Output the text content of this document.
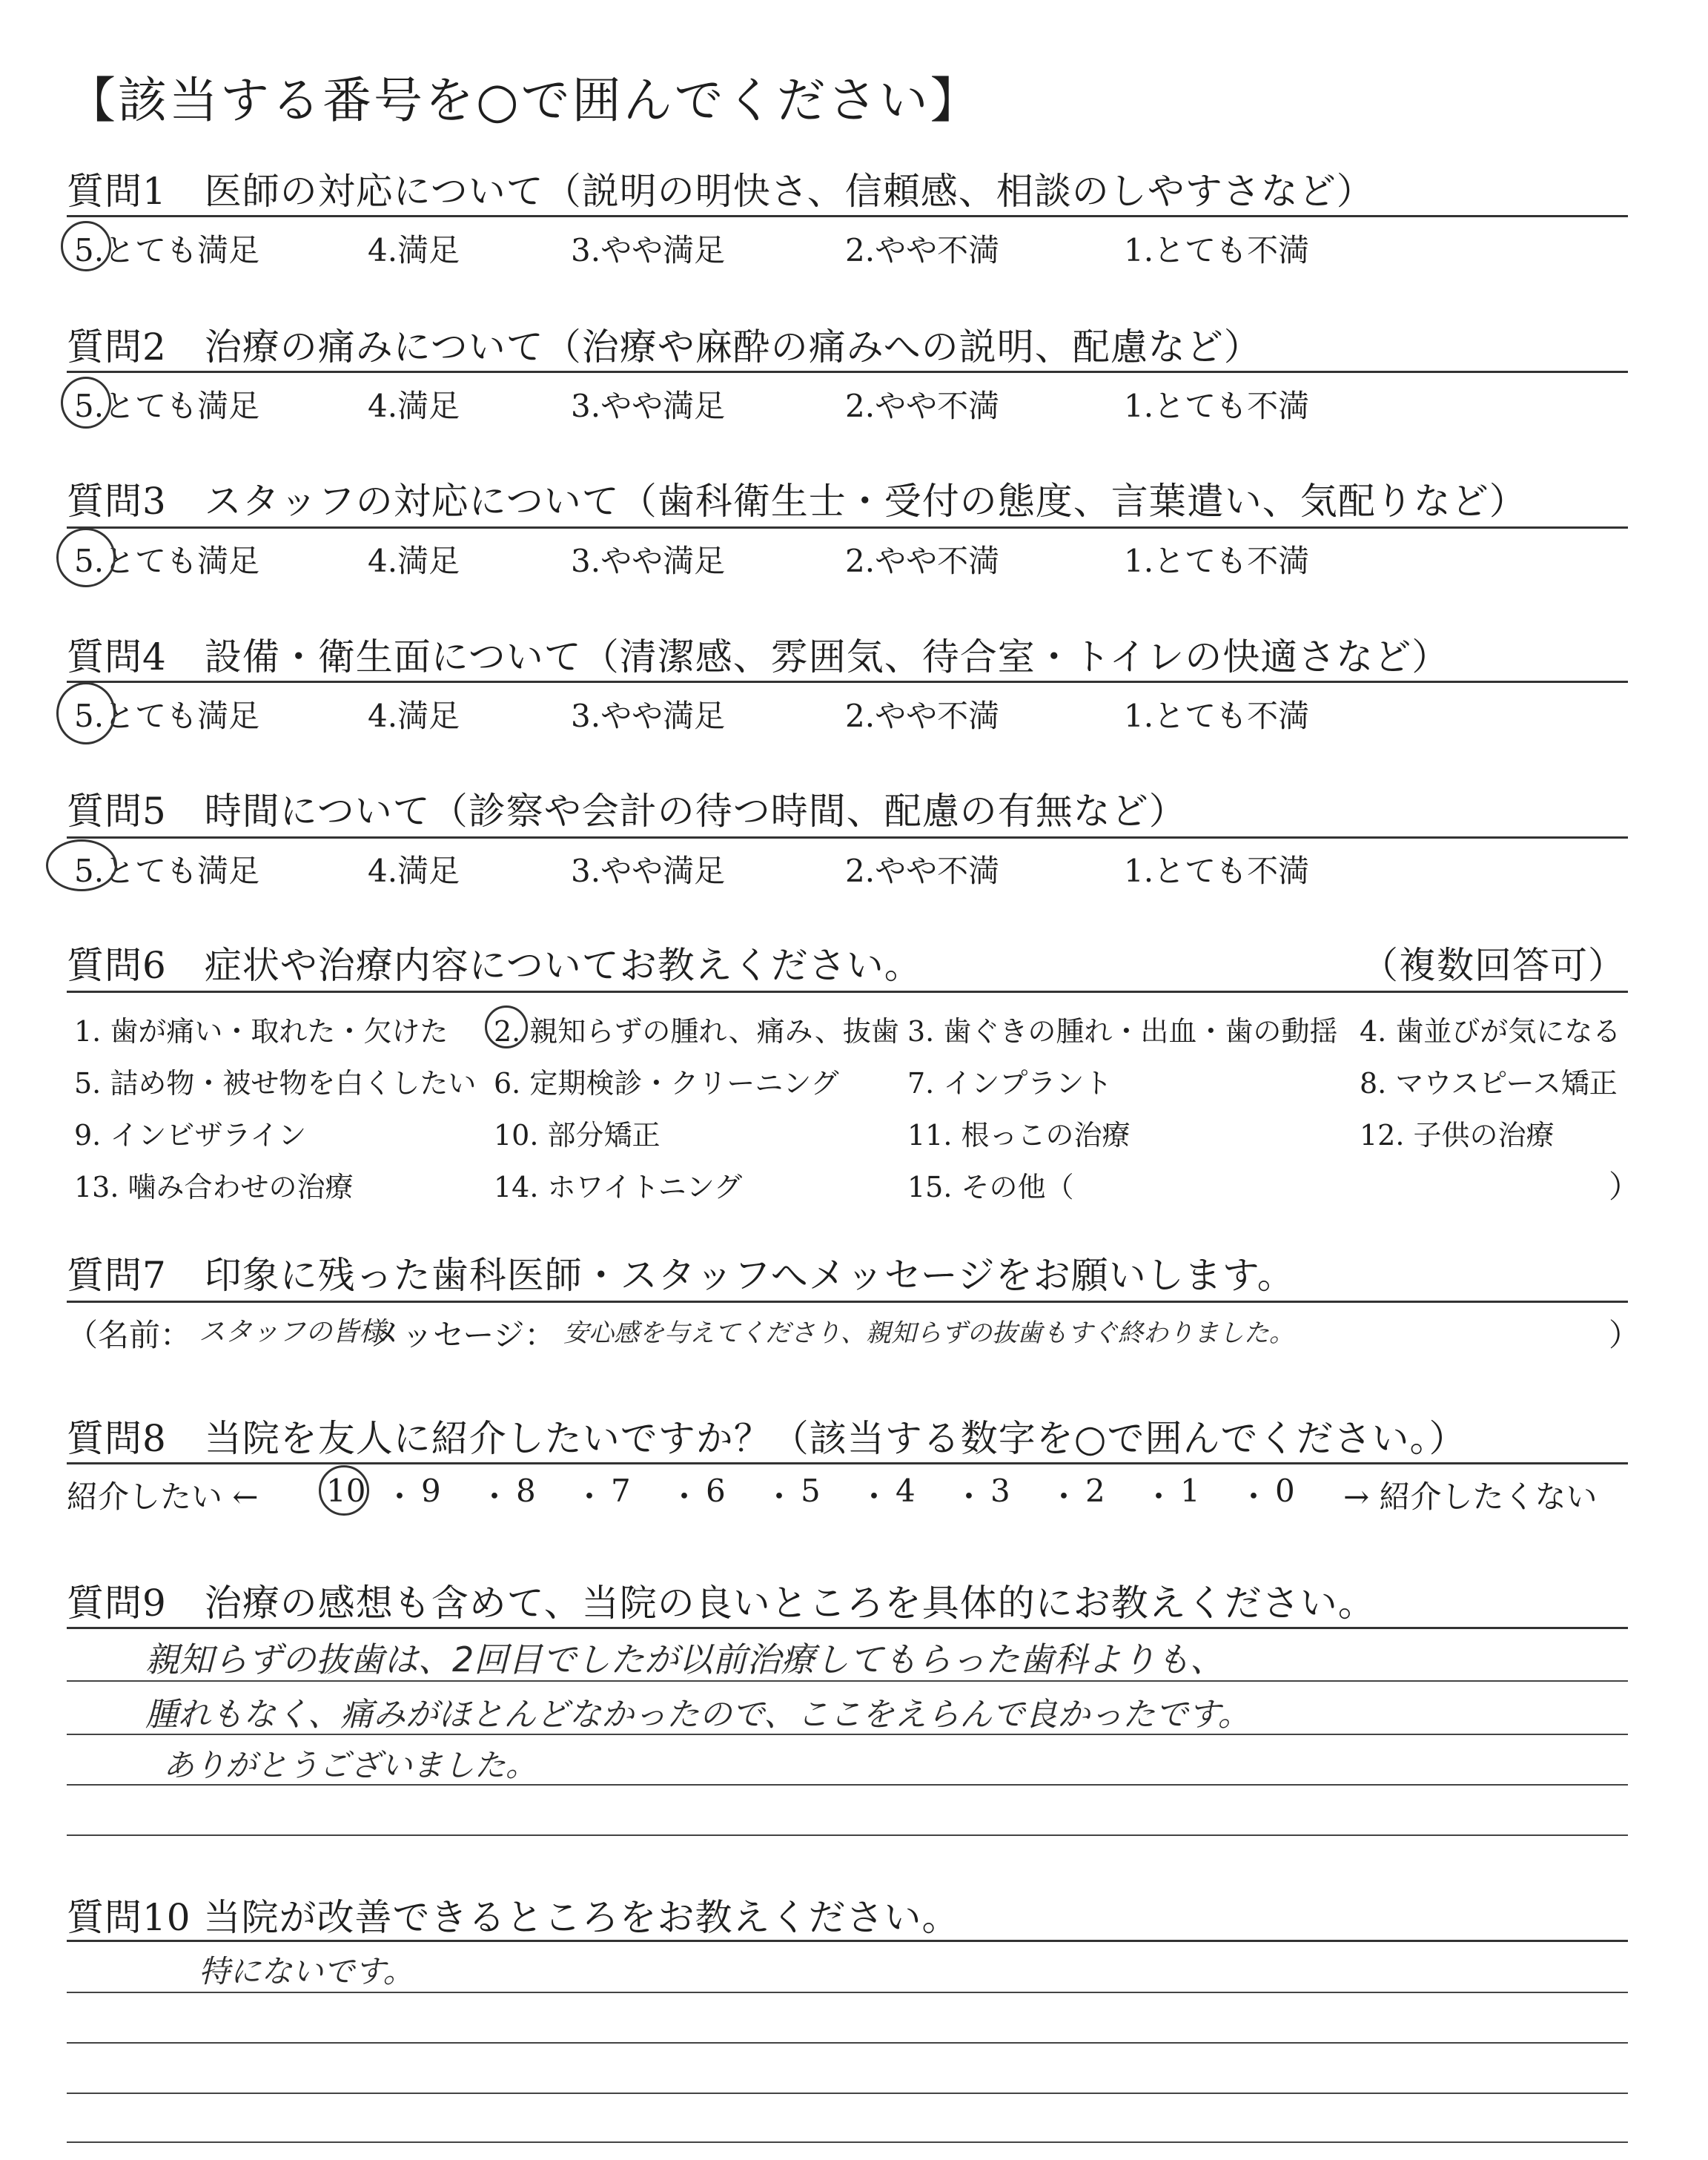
【該当する番号を○で囲んでください】
質問1　医師の対応について（説明の明快さ、信頼感、相談のしやすさなど）
5.とても満足	4.満足	3.やや満足	2.やや不満	1.とても不満
質問2　治療の痛みについて（治療や麻酔の痛みへの説明、配慮など）
5.とても満足	4.満足	3.やや満足	2.やや不満	1.とても不満
質問3　スタッフの対応について（歯科衛生士・受付の態度、言葉遣い、気配りなど）
5.とても満足	4.満足	3.やや満足	2.やや不満	1.とても不満
質問4　設備・衛生面について（清潔感、雰囲気、待合室・トイレの快適さなど）
5.とても満足	4.満足	3.やや満足	2.やや不満	1.とても不満
質問5　時間について（診察や会計の待つ時間、配慮の有無など）
5.とても満足	4.満足	3.やや満足	2.やや不満	1.とても不満
質問6　症状や治療内容についてお教えください。	（複数回答可）
1. 歯が痛い・取れた・欠けた 2. 親知らずの腫れ、痛み、抜歯 3. 歯ぐきの腫れ・出血・歯の動揺 4. 歯並びが気になる
5. 詰め物・被せ物を白くしたい 6. 定期検診・クリーニング 7. インプラント	8. マウスピース矯正
9. インビザライン	10. 部分矯正	11. 根っこの治療	12. 子供の治療
13. 噛み合わせの治療	14. ホワイトニング	15. その他（	）
質問7　印象に残った歯科医師・スタッフへメッセージをお願いします。
（名前： スタッフの皆様
メッセージ： 安心感を与えてくださり、親知らずの抜歯もすぐ終わりました。	）
質問8　当院を友人に紹介したいですか？（該当する数字を○で囲んでください。）
紹介したい ← 10 ・ 9 ・ 8 ・ 7 ・ 6 ・ 5 ・ 4 ・ 3 ・ 2 ・ 1 ・ 0 → 紹介したくない
質問9　治療の感想も含めて、当院の良いところを具体的にお教えください。
親知らずの抜歯は、2回目でしたが以前治療してもらった歯科よりも、
腫れもなく、痛みがほとんどなかったので、ここをえらんで良かったです。
ありがとうございました。
質問10 当院が改善できるところをお教えください。
特にないです。
